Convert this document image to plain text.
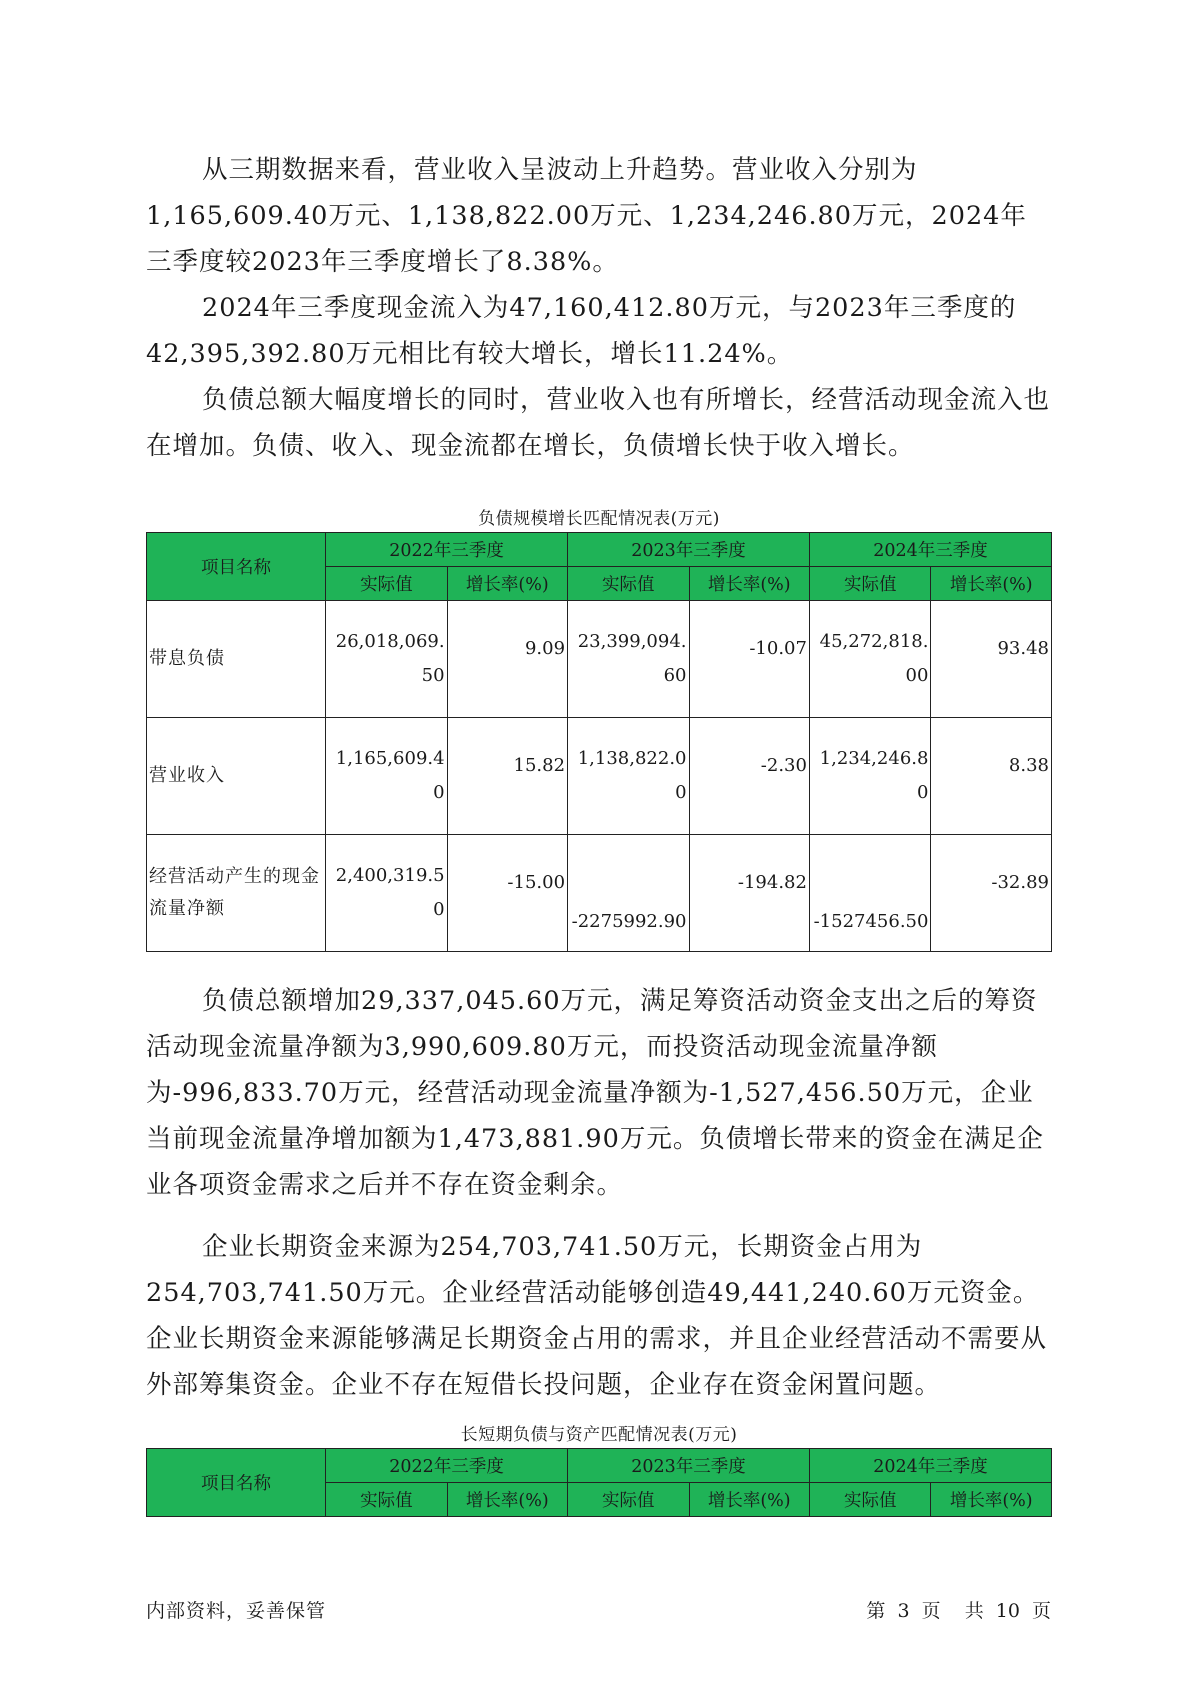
从三期数据来看，营业收入呈波动上升趋势。营业收入分别为1,165,609.40万元、1,138,822.00万元、1,234,246.80万元，2024年三季度较2023年三季度增长了8.38%。

2024年三季度现金流入为47,160,412.80万元，与2023年三季度的42,395,392.80万元相比有较大增长，增长11.24%。

负债总额大幅度增长的同时，营业收入也有所增长，经营活动现金流入也在增加。负债、收入、现金流都在增长，负债增长快于收入增长。

负债规模增长匹配情况表(万元)
项目名称	2022年三季度		2023年三季度		2024年三季度	
	实际值	增长率(%)	实际值	增长率(%)	实际值	增长率(%)
带息负债	26,018,069.50	9.09	23,399,094.60	-10.07	45,272,818.00	93.48
营业收入	1,165,609.40	15.82	1,138,822.00	-2.30	1,234,246.80	8.38
经营活动产生的现金流量净额	2,400,319.50	-15.00	-2275992.90	-194.82	-1527456.50	-32.89

负债总额增加29,337,045.60万元，满足筹资活动资金支出之后的筹资活动现金流量净额为3,990,609.80万元，而投资活动现金流量净额为-996,833.70万元，经营活动现金流量净额为-1,527,456.50万元，企业当前现金流量净增加额为1,473,881.90万元。负债增长带来的资金在满足企业各项资金需求之后并不存在资金剩余。

企业长期资金来源为254,703,741.50万元，长期资金占用为254,703,741.50万元。企业经营活动能够创造49,441,240.60万元资金。企业长期资金来源能够满足长期资金占用的需求，并且企业经营活动不需要从外部筹集资金。企业不存在短借长投问题，企业存在资金闲置问题。

长短期负债与资产匹配情况表(万元)
项目名称	2022年三季度		2023年三季度		2024年三季度	
	实际值	增长率(%)	实际值	增长率(%)	实际值	增长率(%)
内部资料，妥善保管	第 3 页 共 10 页
